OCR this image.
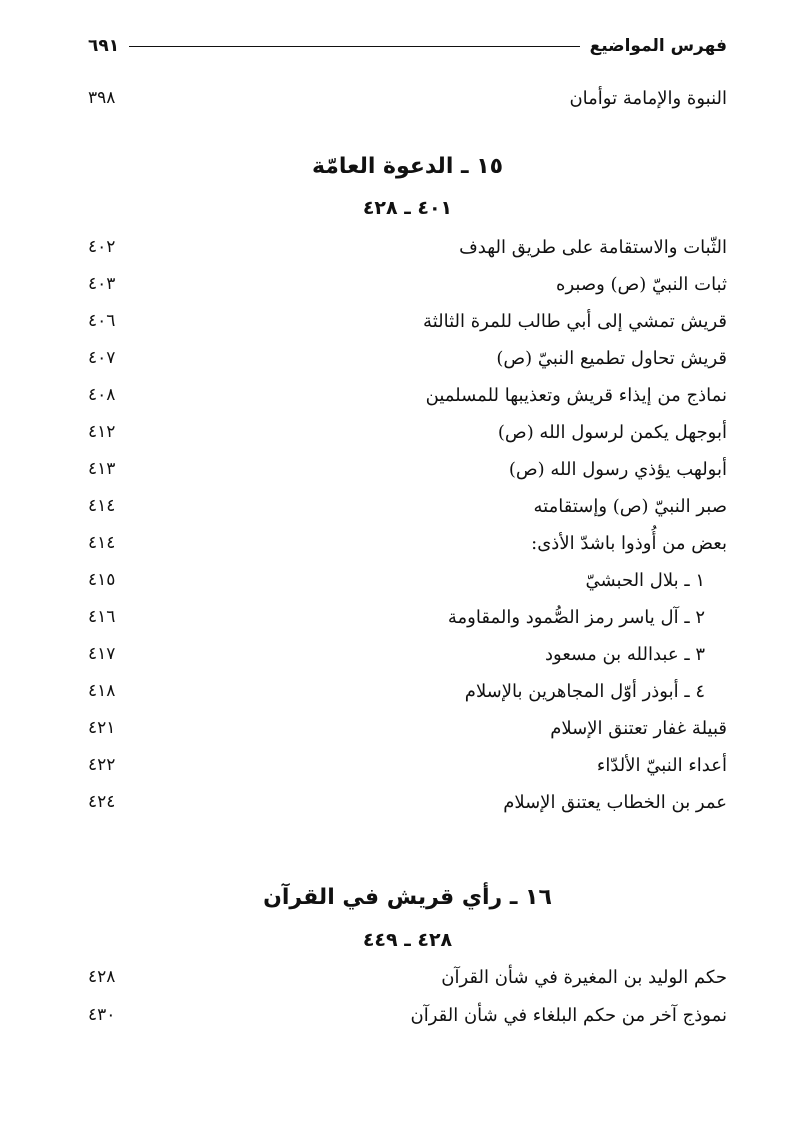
فهرس المواضيع
٦٩١
النبوة والإمامة توأمان
٣٩٨
١٥ ـ الدعوة العامّة
٤٠١ ـ ٤٢٨
الثّبات والاستقامة على طريق الهدف
٤٠٢
ثبات النبيّ (ص) وصبره
٤٠٣
قريش تمشي إلى أبي طالب للمرة الثالثة
٤٠٦
قريش تحاول تطميع النبيّ (ص)
٤٠٧
نماذج من إيذاء قريش وتعذيبها للمسلمين
٤٠٨
أبوجهل يكمن لرسول الله (ص)
٤١٢
أبولهب يؤذي رسول الله (ص)
٤١٣
صبر النبيّ (ص) وإستقامته
٤١٤
بعض من أُوذوا باشدّ الأذى:
٤١٤
١ ـ بلال الحبشيّ
٤١٥
٢ ـ آل ياسر رمز الصُّمود والمقاومة
٤١٦
٣ ـ عبدالله بن مسعود
٤١٧
٤ ـ أبوذر أوّل المجاهرين بالإسلام
٤١٨
قبيلة غفار تعتنق الإسلام
٤٢١
أعداء النبيّ الألدّاء
٤٢٢
عمر بن الخطاب يعتنق الإسلام
٤٢٤
١٦ ـ رأي قريش في القرآن
٤٢٨ ـ ٤٤٩
حكم الوليد بن المغيرة في شأن القرآن
٤٢٨
نموذج آخر من حكم البلغاء في شأن القرآن
٤٣٠
